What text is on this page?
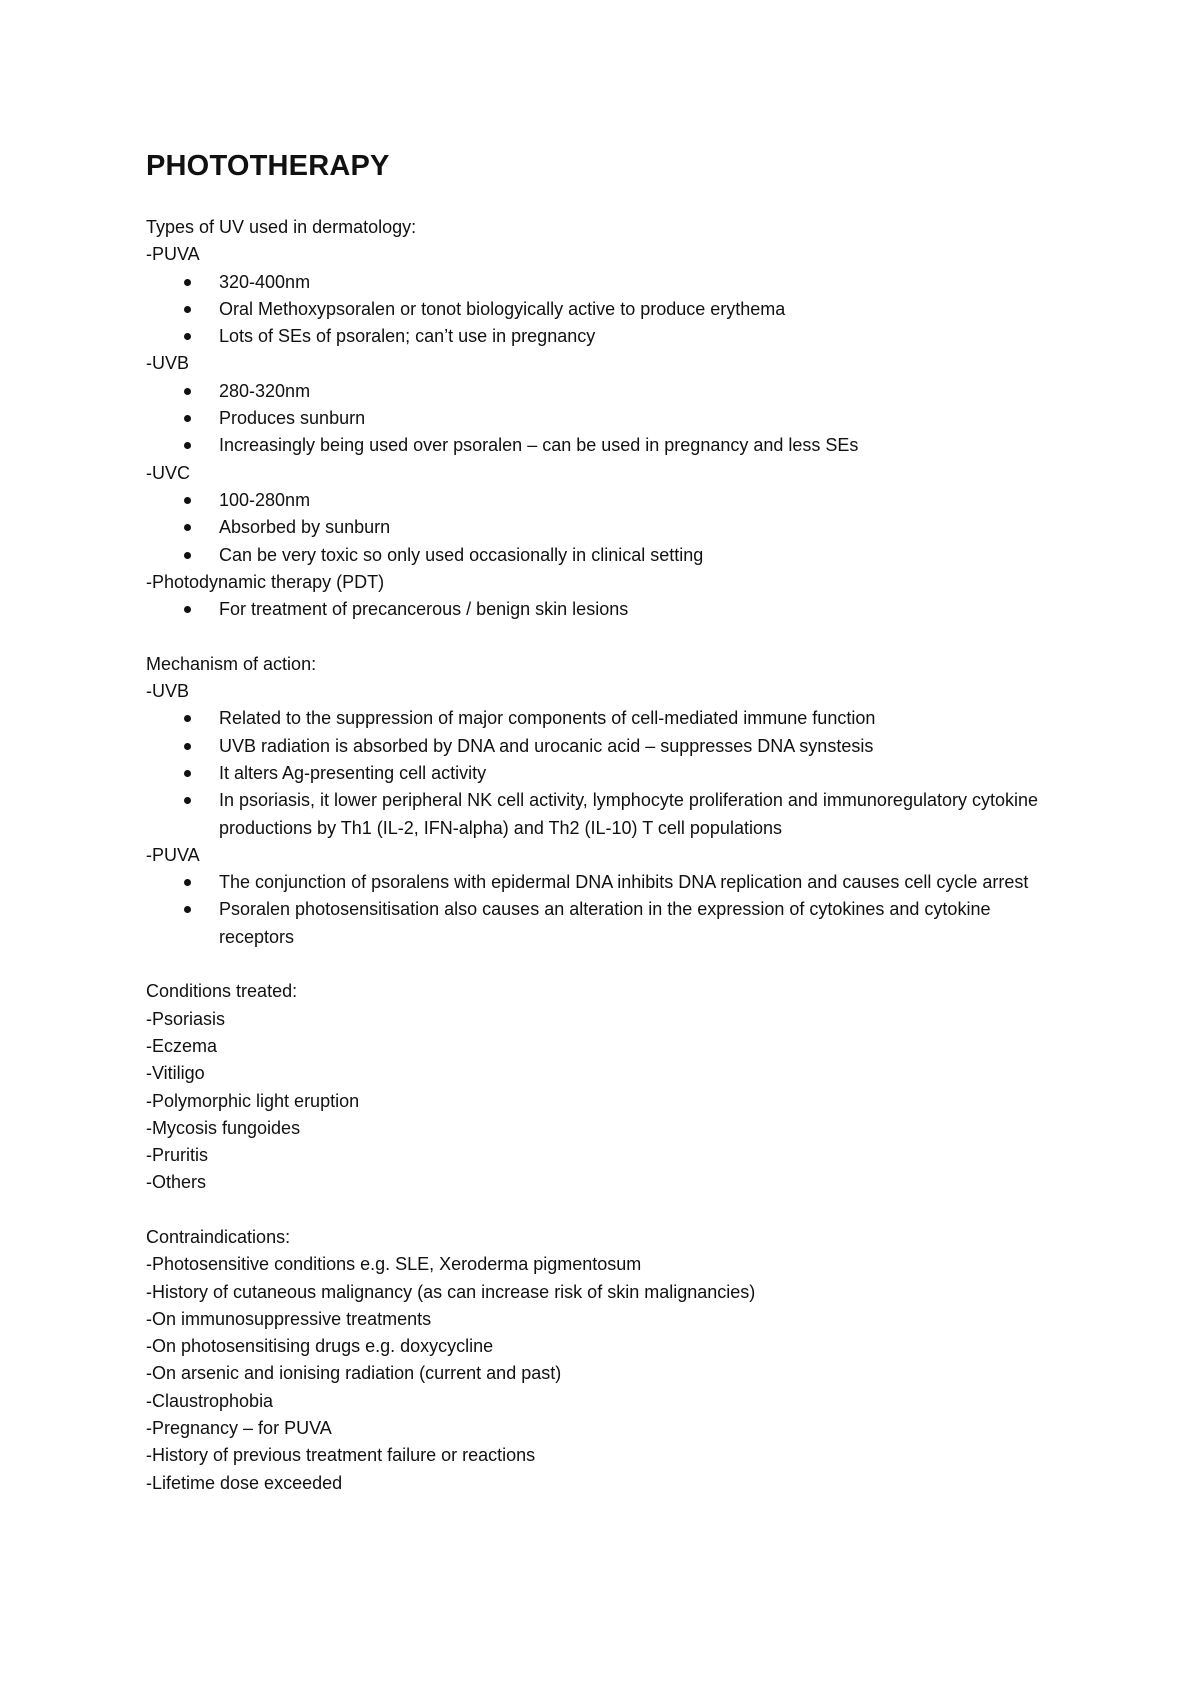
PHOTOTHERAPY

Types of UV used in dermatology:

-PUVA

320-400nm
Oral Methoxypsoralen or tonot biologyically active to produce erythema
Lots of SEs of psoralen; can’t use in pregnancy

-UVB

280-320nm
Produces sunburn
Increasingly being used over psoralen – can be used in pregnancy and less SEs

-UVC

100-280nm
Absorbed by sunburn
Can be very toxic so only used occasionally in clinical setting

-Photodynamic therapy (PDT)

For treatment of precancerous / benign skin lesions

Mechanism of action:

-UVB

Related to the suppression of major components of cell-mediated immune function
UVB radiation is absorbed by DNA and urocanic acid – suppresses DNA synstesis
It alters Ag-presenting cell activity
In psoriasis, it lower peripheral NK cell activity, lymphocyte proliferation and immunoregulatory cytokine productions by Th1 (IL-2, IFN-alpha) and Th2 (IL-10) T cell populations

-PUVA

The conjunction of psoralens with epidermal DNA inhibits DNA replication and causes cell cycle arrest
Psoralen photosensitisation also causes an alteration in the expression of cytokines and cytokine receptors

Conditions treated:

-Psoriasis

-Eczema

-Vitiligo

-Polymorphic light eruption

-Mycosis fungoides

-Pruritis

-Others

Contraindications:

-Photosensitive conditions e.g. SLE, Xeroderma pigmentosum

-History of cutaneous malignancy (as can increase risk of skin malignancies)

-On immunosuppressive treatments

-On photosensitising drugs e.g. doxycycline

-On arsenic and ionising radiation (current and past)

-Claustrophobia

-Pregnancy – for PUVA

-History of previous treatment failure or reactions

-Lifetime dose exceeded
